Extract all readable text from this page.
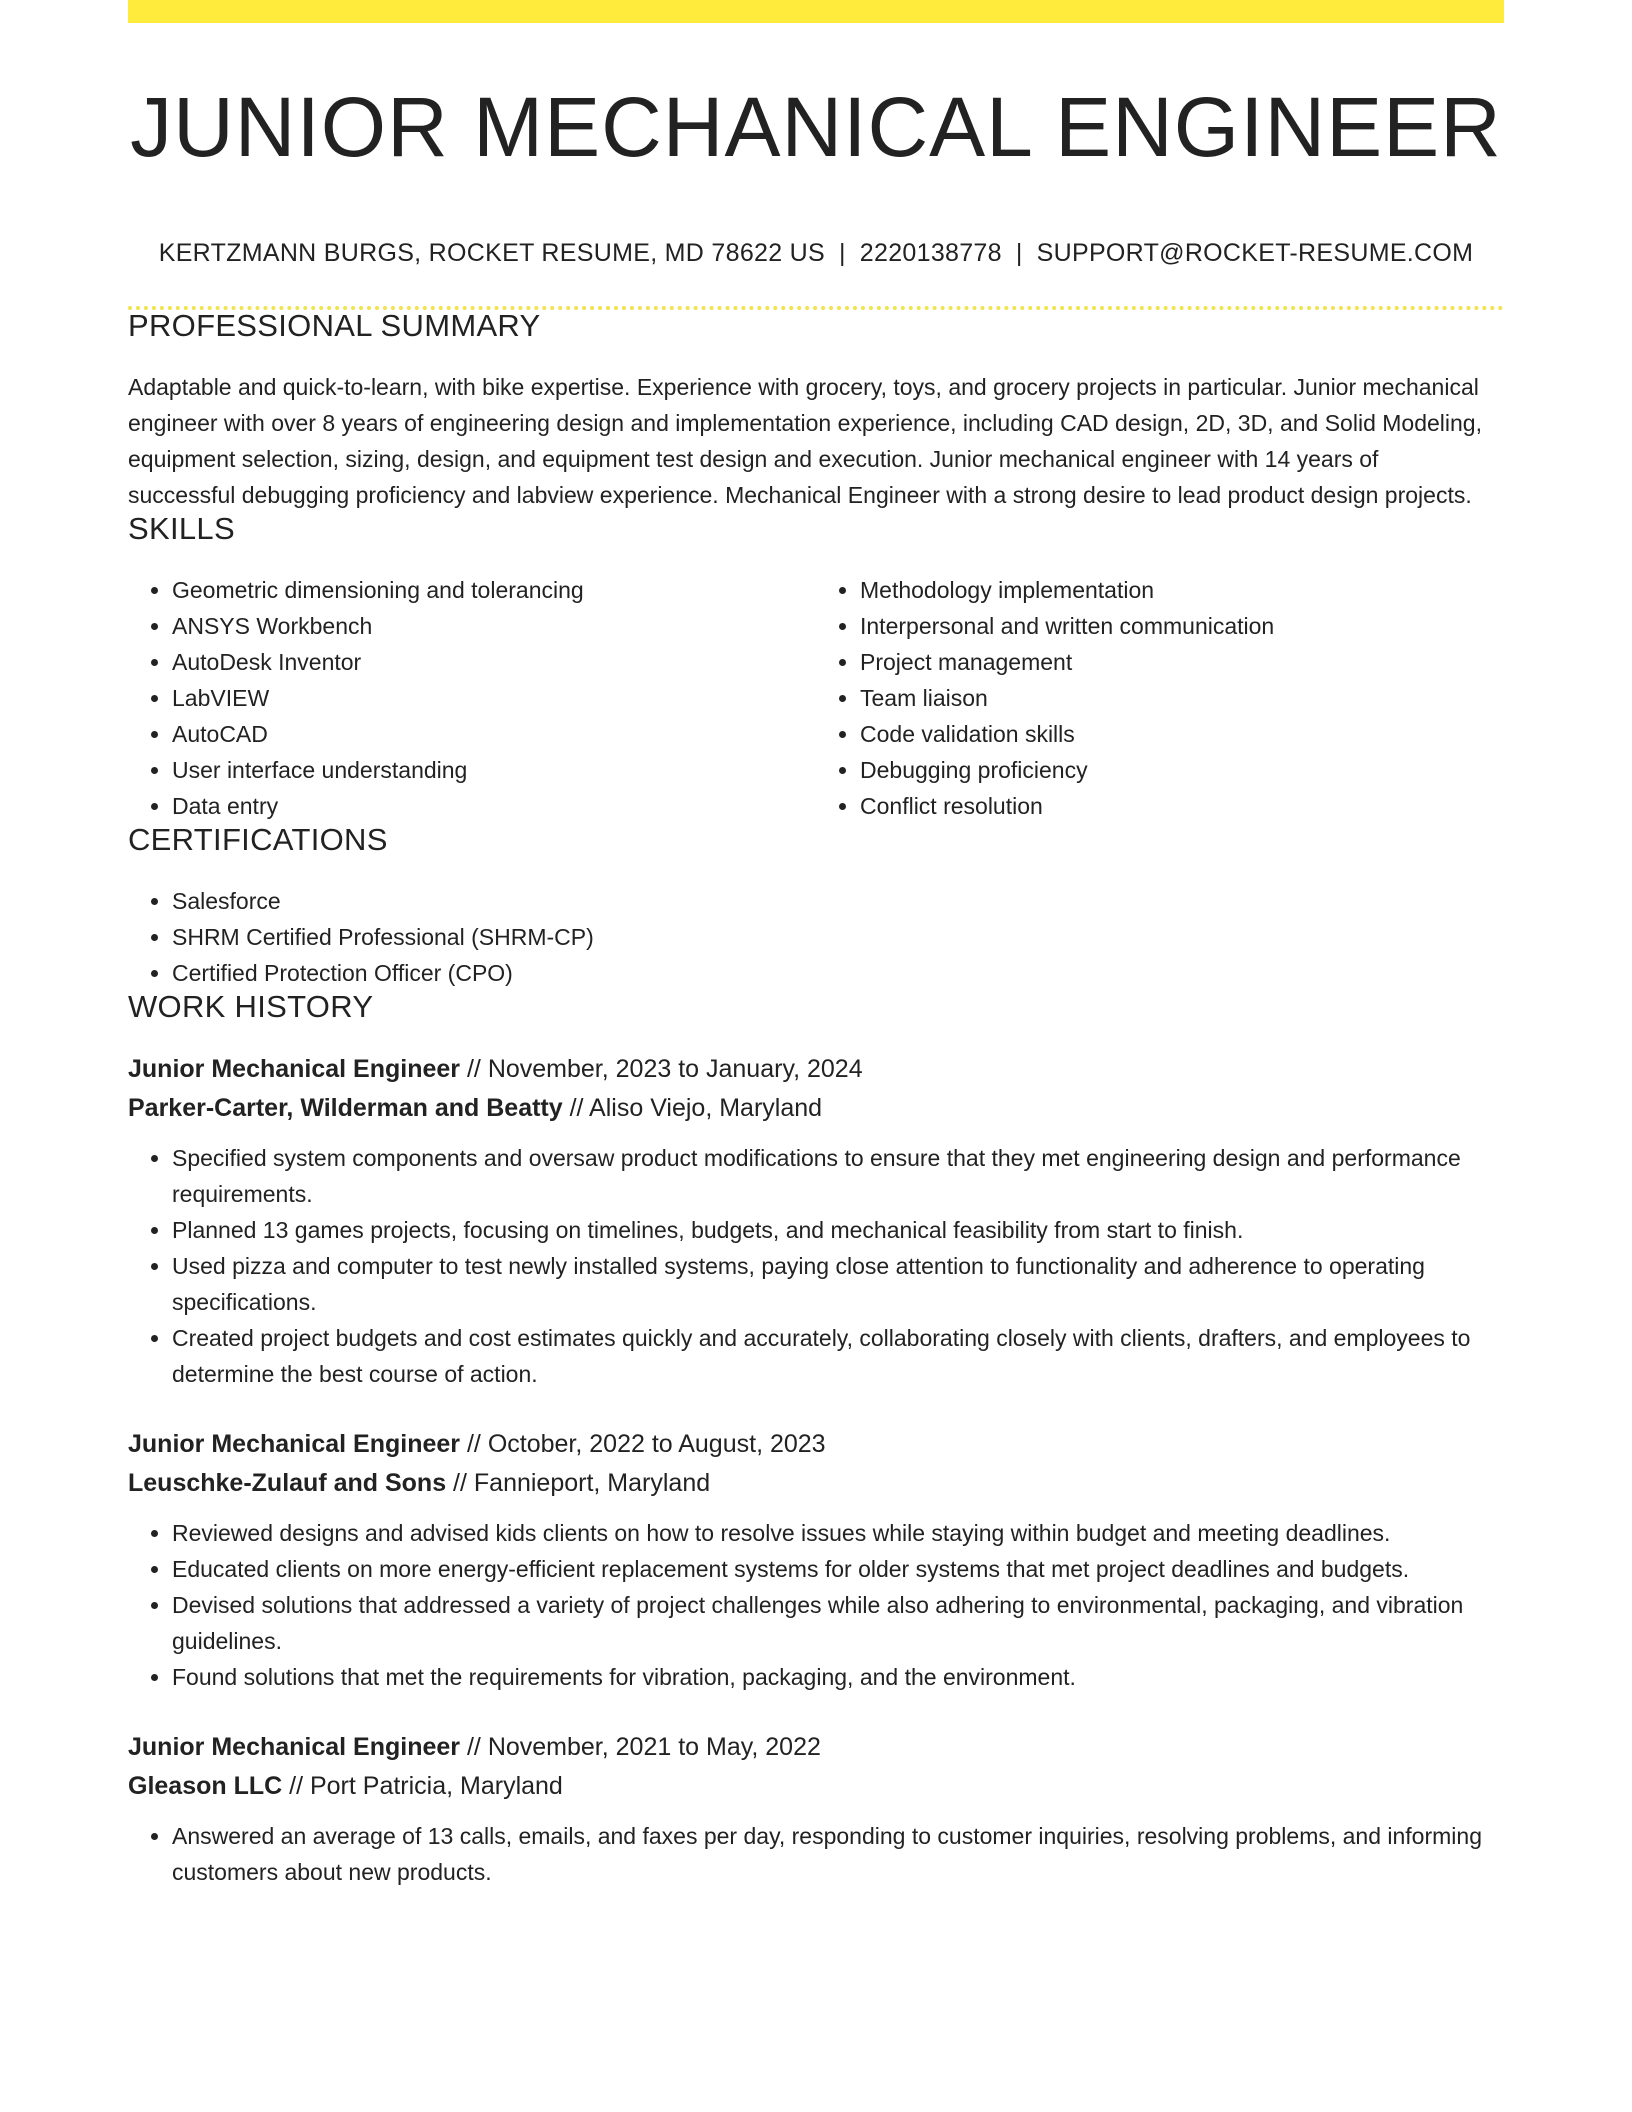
JUNIOR MECHANICAL ENGINEER
KERTZMANN BURGS, ROCKET RESUME, MD 78622 US | 2220138778 | SUPPORT@ROCKET-RESUME.COM
PROFESSIONAL SUMMARY

Adaptable and quick-to-learn, with bike expertise. Experience with grocery, toys, and grocery projects in particular. Junior mechanical engineer with over 8 years of engineering design and implementation experience, including CAD design, 2D, 3D, and Solid Modeling, equipment selection, sizing, design, and equipment test design and execution. Junior mechanical engineer with 14 years of successful debugging proficiency and labview experience. Mechanical Engineer with a strong desire to lead product design projects.

SKILLS
• Geometric dimensioning and tolerancing
• ANSYS Workbench
• AutoDesk Inventor
• LabVIEW
• AutoCAD
• User interface understanding
• Data entry
• Methodology implementation
• Interpersonal and written communication
• Project management
• Team liaison
• Code validation skills
• Debugging proficiency
• Conflict resolution
CERTIFICATIONS
• Salesforce
• SHRM Certified Professional (SHRM-CP)
• Certified Protection Officer (CPO)
WORK HISTORY
Junior Mechanical Engineer // November, 2023 to January, 2024
Parker-Carter, Wilderman and Beatty // Aliso Viejo, Maryland
• Specified system components and oversaw product modifications to ensure that they met engineering design and performance requirements.
• Planned 13 games projects, focusing on timelines, budgets, and mechanical feasibility from start to finish.
• Used pizza and computer to test newly installed systems, paying close attention to functionality and adherence to operating specifications.
• Created project budgets and cost estimates quickly and accurately, collaborating closely with clients, drafters, and employees to determine the best course of action.
Junior Mechanical Engineer // October, 2022 to August, 2023
Leuschke-Zulauf and Sons // Fannieport, Maryland
• Reviewed designs and advised kids clients on how to resolve issues while staying within budget and meeting deadlines.
• Educated clients on more energy-efficient replacement systems for older systems that met project deadlines and budgets.
• Devised solutions that addressed a variety of project challenges while also adhering to environmental, packaging, and vibration guidelines.
• Found solutions that met the requirements for vibration, packaging, and the environment.
Junior Mechanical Engineer // November, 2021 to May, 2022
Gleason LLC // Port Patricia, Maryland
• Answered an average of 13 calls, emails, and faxes per day, responding to customer inquiries, resolving problems, and informing customers about new products.
